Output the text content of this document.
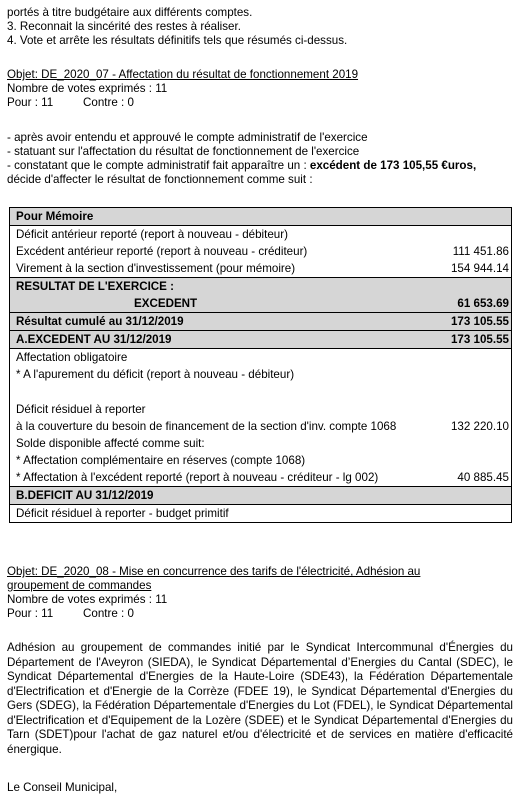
portés à titre budgétaire aux différents comptes.
3. Reconnait la sincérité des restes à réaliser.
4. Vote et arrête les résultats définitifs tels que résumés ci-dessus.
Objet: DE_2020_07 - Affectation du résultat de fonctionnement 2019
Nombre de votes exprimés : 11
Pour : 11	Contre : 0
- après avoir entendu et approuvé le compte administratif de l'exercice
- statuant sur l'affectation du résultat de fonctionnement de l'exercice
- constatant que le compte administratif fait apparaître un : excédent de 173 105,55 €uros,
décide d'affecter le résultat de fonctionnement comme suit :
Pour Mémoire	
Déficit antérieur reporté (report à nouveau - débiteur)	
Excédent antérieur reporté (report à nouveau - créditeur)	111 451.86
Virement à la section d'investissement (pour mémoire)	154 944.14
RESULTAT DE L'EXERCICE :	
EXCEDENT	61 653.69
Résultat cumulé au 31/12/2019	173 105.55
A.EXCEDENT AU 31/12/2019	173 105.55
Affectation obligatoire	
* A l'apurement du déficit (report à nouveau - débiteur)	

Déficit résiduel à reporter	
à la couverture du besoin de financement de la section d'inv. compte 1068	132 220.10
Solde disponible affecté comme suit:	
* Affectation complémentaire en réserves (compte 1068)	
* Affectation à l'excédent reporté (report à nouveau - créditeur - lg 002)	40 885.45
B.DEFICIT AU 31/12/2019	
Déficit résiduel à reporter - budget primitif	
Objet: DE_2020_08 - Mise en concurrence des tarifs de l'électricité, Adhésion au
groupement de commandes
Nombre de votes exprimés : 11
Pour : 11	Contre : 0
Adhésion au groupement de commandes initié par le Syndicat Intercommunal d'Énergies du Département de l'Aveyron (SIEDA), le Syndicat Départemental d’Energies du Cantal (SDEC), le Syndicat Départemental d'Energies de la Haute-Loire (SDE43), la Fédération Départementale d'Electrification et d'Energie de la Corrèze (FDEE 19), le Syndicat Départemental d'Energies du Gers (SDEG), la Fédération Départementale d'Energies du Lot (FDEL), le Syndicat Départemental d'Electrification et d'Equipement de la Lozère (SDEE) et le Syndicat Départemental d'Energies du Tarn (SDET)pour l'achat de gaz naturel et/ou d'électricité et de services en matière d'efficacité énergique.
Le Conseil Municipal,
